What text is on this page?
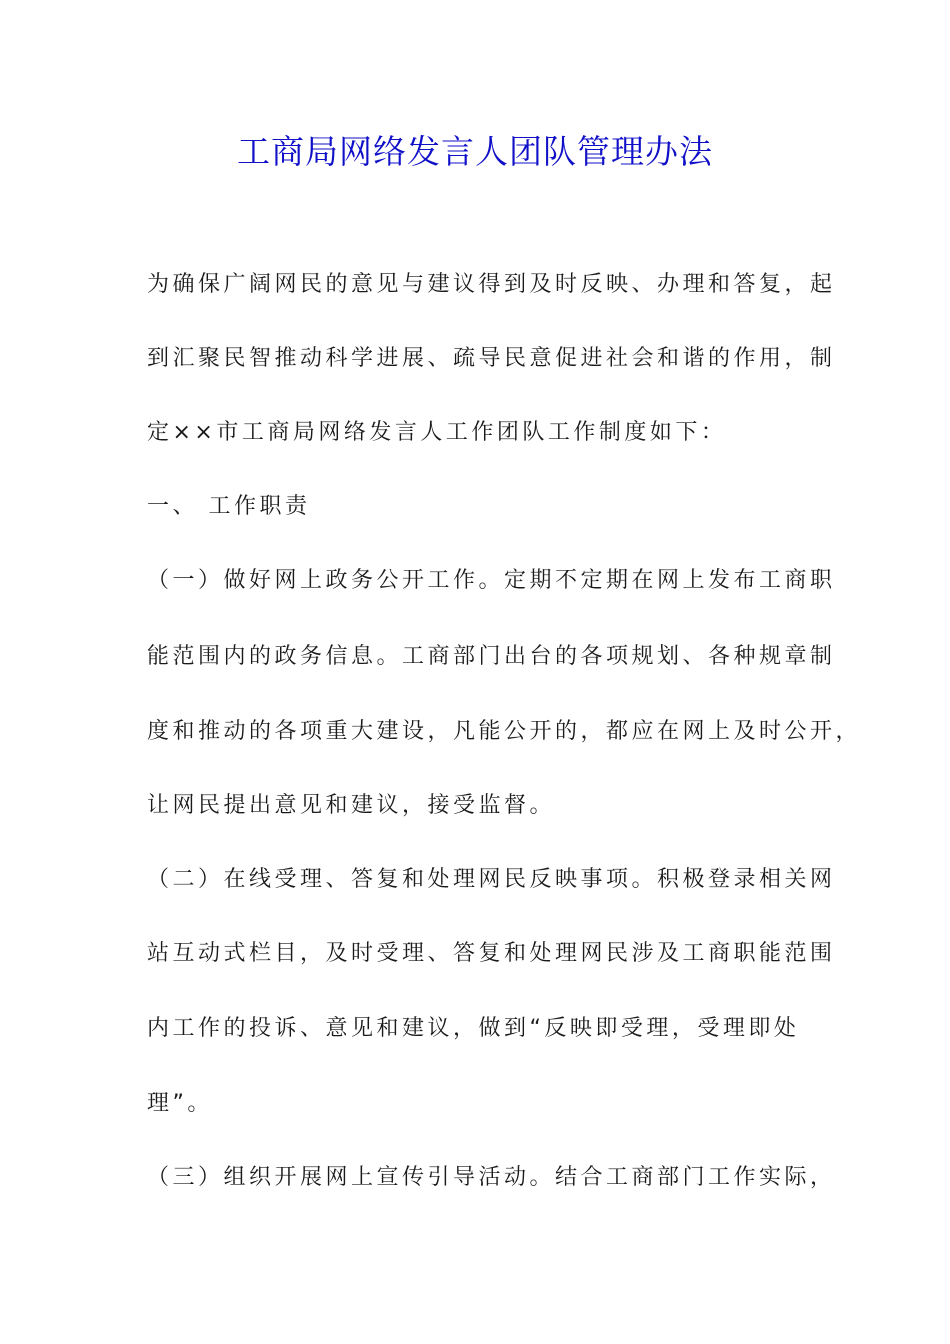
工商局网络发言人团队管理办法

为确保广阔网民的意见与建议得到及时反映、办理和答复，起

到汇聚民智推动科学进展、疏导民意促进社会和谐的作用，制

定××市工商局网络发言人工作团队工作制度如下：

一、 工作职责

（一）做好网上政务公开工作。定期不定期在网上发布工商职

能范围内的政务信息。工商部门出台的各项规划、各种规章制

度和推动的各项重大建设，凡能公开的，都应在网上及时公开，

让网民提出意见和建议，接受监督。

（二）在线受理、答复和处理网民反映事项。积极登录相关网

站互动式栏目，及时受理、答复和处理网民涉及工商职能范围

内工作的投诉、意见和建议，做到“反映即受理，受理即处

理”。

（三）组织开展网上宣传引导活动。结合工商部门工作实际，
